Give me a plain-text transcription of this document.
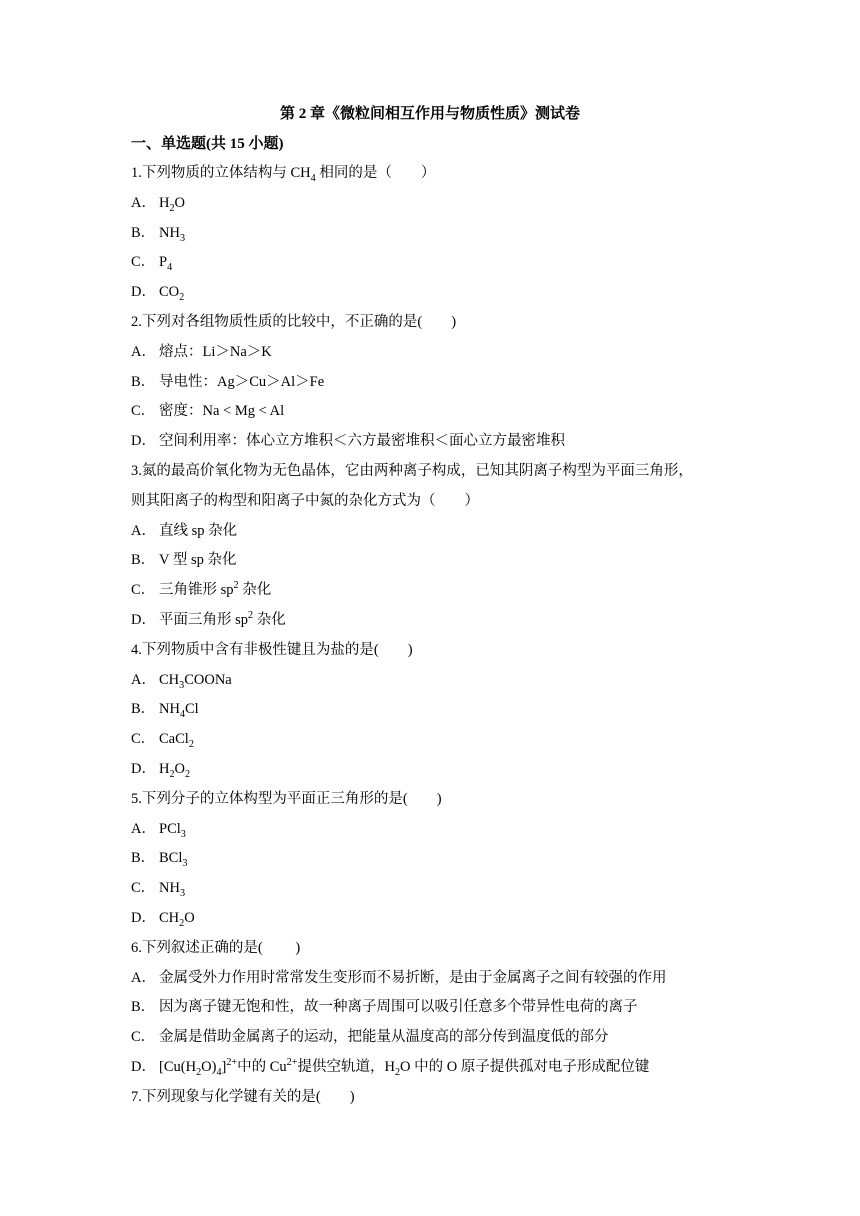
第 2 章《微粒间相互作用与物质性质》测试卷
一、单选题(共 15 小题)
1.下列物质的立体结构与 $CH_4$ 相同的是（　　）
A． $H_2O$
B． $NH_3$
C． $P_4$
D． $CO_2$
2.下列对各组物质性质的比较中，不正确的是(　　)
A． 熔点：Li＞Na＞K
B． 导电性：Ag＞Cu＞Al＞Fe
C． 密度：Na < Mg < Al
D． 空间利用率：体心立方堆积＜六方最密堆积＜面心立方最密堆积
3.氮的最高价氧化物为无色晶体，它由两种离子构成，已知其阴离子构型为平面三角形，
则其阳离子的构型和阳离子中氮的杂化方式为（　　）
A． 直线 sp 杂化
B． V 型 sp 杂化
C． 三角锥形 $sp^2$ 杂化
D． 平面三角形 $sp^2$ 杂化
4.下列物质中含有非极性键且为盐的是(　　)
A． $CH_3COONa$
B． $NH_4Cl$
C． CaCl$_2$
D． $H_2O_2$
5.下列分子的立体构型为平面正三角形的是(　　)
A． PCl$_3$
B． BCl$_3$
C． $NH_3$
D． $CH_2O$
6.下列叙述正确的是(　　 )
A． 金属受外力作用时常常发生变形而不易折断，是由于金属离子之间有较强的作用
B． 因为离子键无饱和性，故一种离子周围可以吸引任意多个带异性电荷的离子
C． 金属是借助金属离子的运动，把能量从温度高的部分传到温度低的部分
D． $[Cu(H_2O)_4]^{2+}$中的 $Cu^{2+}$提供空轨道，$H_2O$ 中的 O 原子提供孤对电子形成配位键
7.下列现象与化学键有关的是(　　)
